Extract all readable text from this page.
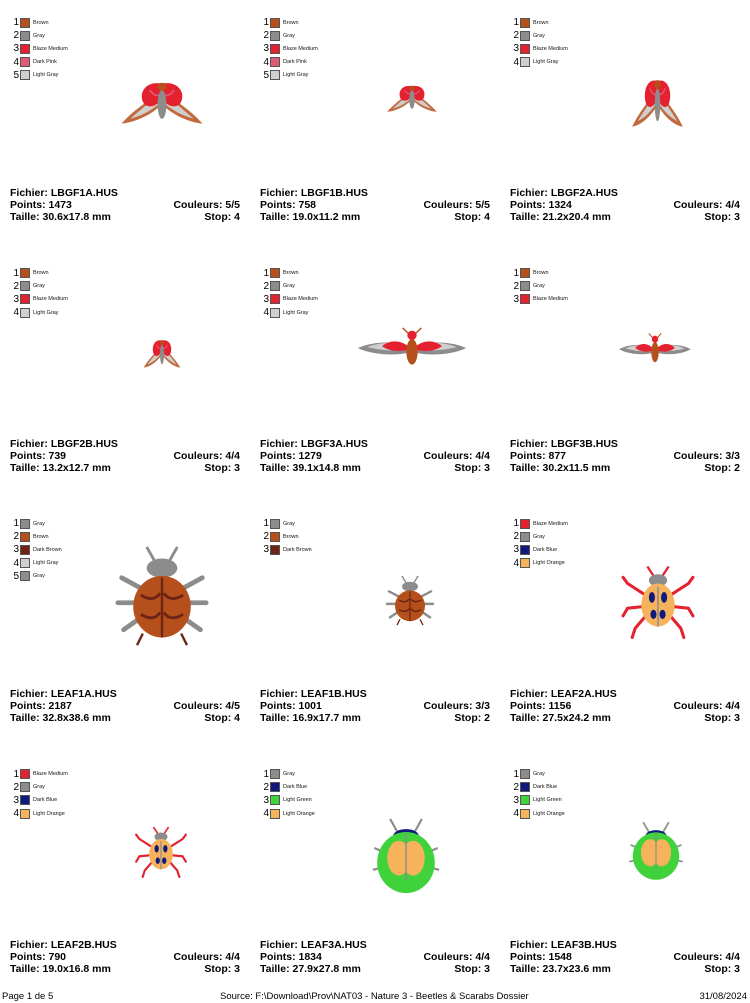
1	Brown
2	Gray
3	Blaze Medium
4	Dark Pink
5	Light Gray
Fichier: LBGF1A.HUS
Points: 1473	Couleurs: 5/5
Taille: 30.6x17.8 mm	Stop: 4
1	Brown
2	Gray
3	Blaze Medium
4	Dark Pink
5	Light Gray
Fichier: LBGF1B.HUS
Points: 758	Couleurs: 5/5
Taille: 19.0x11.2 mm	Stop: 4
1	Brown
2	Gray
3	Blaze Medium
4	Light Gray
Fichier: LBGF2A.HUS
Points: 1324	Couleurs: 4/4
Taille: 21.2x20.4 mm	Stop: 3
1	Brown
2	Gray
3	Blaze Medium
4	Light Gray
Fichier: LBGF2B.HUS
Points: 739	Couleurs: 4/4
Taille: 13.2x12.7 mm	Stop: 3
1	Brown
2	Gray
3	Blaze Medium
4	Light Gray
Fichier: LBGF3A.HUS
Points: 1279	Couleurs: 4/4
Taille: 39.1x14.8 mm	Stop: 3
1	Brown
2	Gray
3	Blaze Medium
Fichier: LBGF3B.HUS
Points: 877	Couleurs: 3/3
Taille: 30.2x11.5 mm	Stop: 2
1	Gray
2	Brown
3	Dark Brown
4	Light Gray
5	Gray
Fichier: LEAF1A.HUS
Points: 2187	Couleurs: 4/5
Taille: 32.8x38.6 mm	Stop: 4
1	Gray
2	Brown
3	Dark Brown
Fichier: LEAF1B.HUS
Points: 1001	Couleurs: 3/3
Taille: 16.9x17.7 mm	Stop: 2
1	Blaze Medium
2	Gray
3	Dark Blue
4	Light Orange
Fichier: LEAF2A.HUS
Points: 1156	Couleurs: 4/4
Taille: 27.5x24.2 mm	Stop: 3
1	Blaze Medium
2	Gray
3	Dark Blue
4	Light Orange
Fichier: LEAF2B.HUS
Points: 790	Couleurs: 4/4
Taille: 19.0x16.8 mm	Stop: 3
1	Gray
2	Dark Blue
3	Light Green
4	Light Orange
Fichier: LEAF3A.HUS
Points: 1834	Couleurs: 4/4
Taille: 27.9x27.8 mm	Stop: 3
1	Gray
2	Dark Blue
3	Light Green
4	Light Orange
Fichier: LEAF3B.HUS
Points: 1548	Couleurs: 4/4
Taille: 23.7x23.6 mm	Stop: 3
Page 1 de 5	Source: F:\Download\Prov\NAT03 - Nature 3 - Beetles & Scarabs Dossier	31/08/2024
